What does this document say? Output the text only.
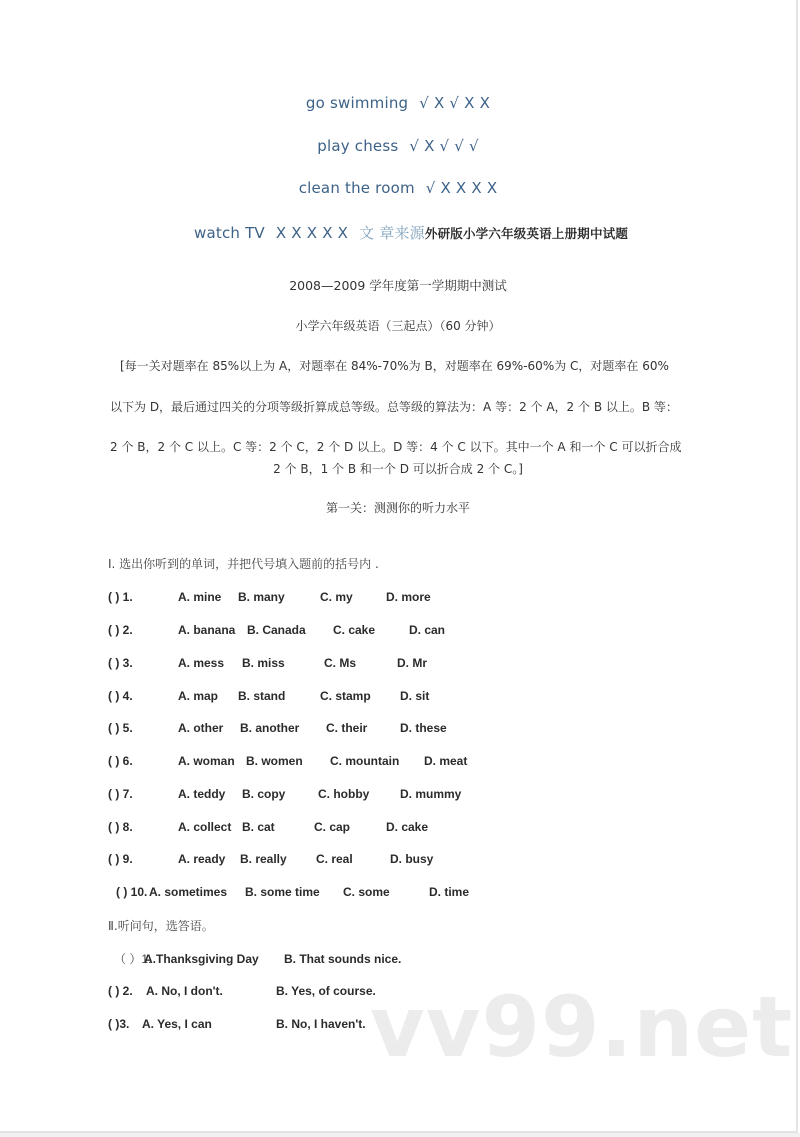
go swimming √ X √ X X
play chess √ X √ √ √
clean the room √ X X X X
watch TV X X X X X 文 章来源外研版小学六年级英语上册期中试题
2008—2009 学年度第一学期期中测试
小学六年级英语（三起点）（60 分钟）
[每一关对题率在 85%以上为 A，对题率在 84%-70%为 B，对题率在 69%-60%为 C，对题率在 60%
以下为 D，最后通过四关的分项等级折算成总等级。总等级的算法为：A 等：2 个 A，2 个 B 以上。B 等：
2 个 B，2 个 C 以上。C 等：2 个 C，2 个 D 以上。D 等：4 个 C 以下。其中一个 A 和一个 C 可以折合成
2 个 B，1 个 B 和一个 D 可以折合成 2 个 C。]
第一关：测测你的听力水平
Ⅰ. 选出你听到的单词，并把代号填入题前的括号内 .
( ) 1.	A. mine B. many	C. my	D. more
( ) 2.	A. banana B. Canada C. cake	D. can
( ) 3.	A. mess B. miss	C. Ms	D. Mr
( ) 4.	A. map B. stand	C. stamp D. sit
( ) 5.	A. other B. another C. their	D. these
( ) 6.	A. woman B. women C. mountain D. meat
( ) 7.	A. teddy B. copy	C. hobby	D. mummy
( ) 8.	A. collect B. cat	C. cap	D. cake
( ) 9.	A. ready B. really C. real	D. busy
( ) 10. A. sometimes B. some time C. some	D. time
Ⅱ.听问句，选答语。
（ ）1.A.Thanksgiving Day B. That sounds nice.
( ) 2. A. No, I don't.	B. Yes, of course.
( )3. A. Yes, I can	B. No, I haven't. vv99.net
